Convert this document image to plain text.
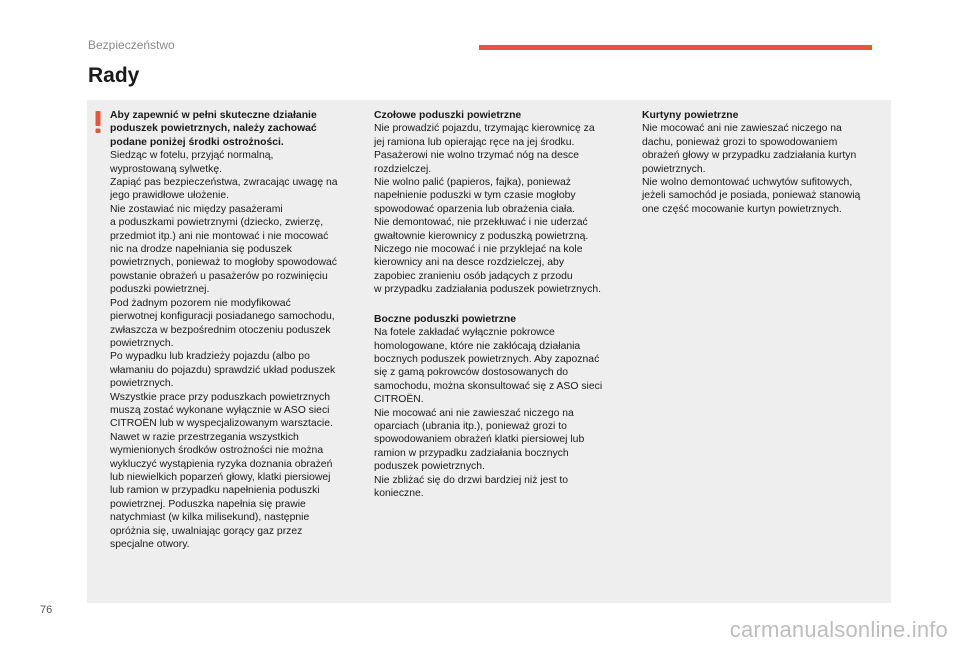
Bezpieczeństwo
Rady
Aby zapewnić w pełni skuteczne działanie
poduszek powietrznych, należy zachować
podane poniżej środki ostrożności.
Siedząc w fotelu, przyjąć normalną,
wyprostowaną sylwetkę.
Zapiąć pas bezpieczeństwa, zwracając uwagę na
jego prawidłowe ułożenie.
Nie zostawiać nic między pasażerami
a poduszkami powietrznymi (dziecko, zwierzę,
przedmiot itp.) ani nie montować i nie mocować
nic na drodze napełniania się poduszek
powietrznych, ponieważ to mogłoby spowodować
powstanie obrażeń u pasażerów po rozwinięciu
poduszki powietrznej.
Pod żadnym pozorem nie modyfikować
pierwotnej konfiguracji posiadanego samochodu,
zwłaszcza w bezpośrednim otoczeniu poduszek
powietrznych.
Po wypadku lub kradzieży pojazdu (albo po
włamaniu do pojazdu) sprawdzić układ poduszek
powietrznych.
Wszystkie prace przy poduszkach powietrznych
muszą zostać wykonane wyłącznie w ASO sieci
CITROËN lub w wyspecjalizowanym warsztacie.
Nawet w razie przestrzegania wszystkich
wymienionych środków ostrożności nie można
wykluczyć wystąpienia ryzyka doznania obrażeń
lub niewielkich poparzeń głowy, klatki piersiowej
lub ramion w przypadku napełnienia poduszki
powietrznej. Poduszka napełnia się prawie
natychmiast (w kilka milisekund), następnie
opróżnia się, uwalniając gorący gaz przez
specjalne otwory.
Czołowe poduszki powietrzne
Nie prowadzić pojazdu, trzymając kierownicę za
jej ramiona lub opierając ręce na jej środku.
Pasażerowi nie wolno trzymać nóg na desce
rozdzielczej.
Nie wolno palić (papieros, fajka), ponieważ
napełnienie poduszki w tym czasie mogłoby
spowodować oparzenia lub obrażenia ciała.
Nie demontować, nie przekłuwać i nie uderzać
gwałtownie kierownicy z poduszką powietrzną.
Niczego nie mocować i nie przyklejać na kole
kierownicy ani na desce rozdzielczej, aby
zapobiec zranieniu osób jadących z przodu
w przypadku zadziałania poduszek powietrznych.
Boczne poduszki powietrzne
Na fotele zakładać wyłącznie pokrowce
homologowane, które nie zakłócają działania
bocznych poduszek powietrznych. Aby zapoznać
się z gamą pokrowców dostosowanych do
samochodu, można skonsultować się z ASO sieci
CITROËN.
Nie mocować ani nie zawieszać niczego na
oparciach (ubrania itp.), ponieważ grozi to
spowodowaniem obrażeń klatki piersiowej lub
ramion w przypadku zadziałania bocznych
poduszek powietrznych.
Nie zbliżać się do drzwi bardziej niż jest to
konieczne.
Kurtyny powietrzne
Nie mocować ani nie zawieszać niczego na
dachu, ponieważ grozi to spowodowaniem
obrażeń głowy w przypadku zadziałania kurtyn
powietrznych.
Nie wolno demontować uchwytów sufitowych,
jeżeli samochód je posiada, ponieważ stanowią
one część mocowanie kurtyn powietrznych.
76
carmanualsonline.info
